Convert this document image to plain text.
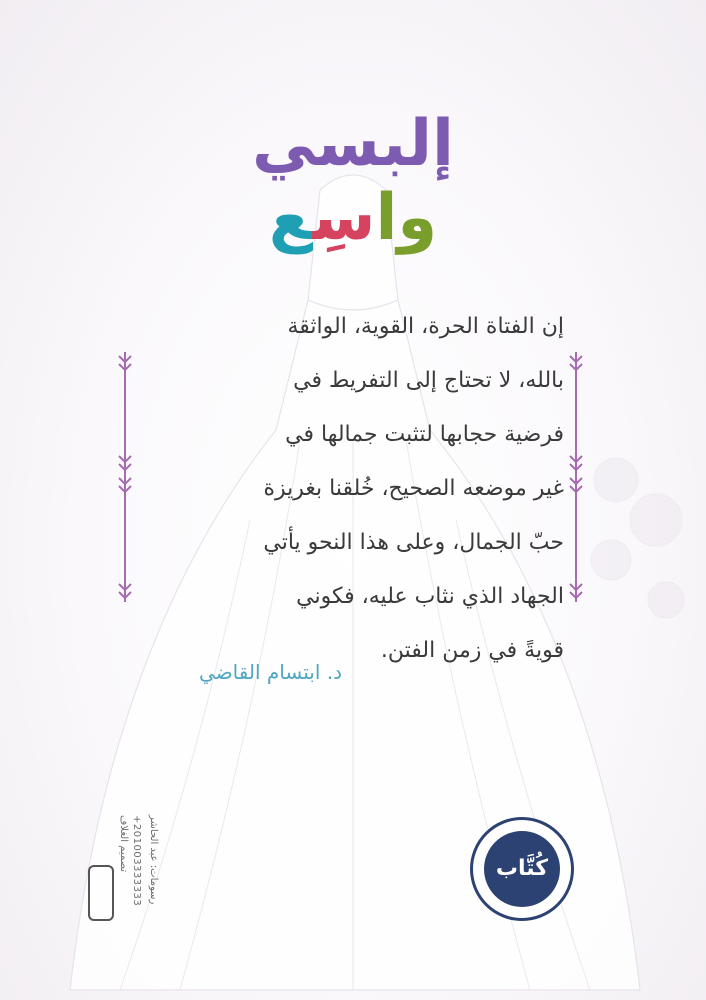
إلبسي
واسِع
إن الفتاة الحرة، القوية، الواثقة
بالله، لا تحتاج إلى التفريط في
فرضية حجابها لتثبت جمالها في
غير موضعه الصحيح، خُلقنا بغريزة
حبّ الجمال، وعلى هذا النحو يأتي
الجهاد الذي نثاب عليه، فكوني
قويةً في زمن الفتن.
د. ابتسام القاضي
كُتَّاب
تصميم الغلاف +201003333333 رسومات: عبد الحاشر
